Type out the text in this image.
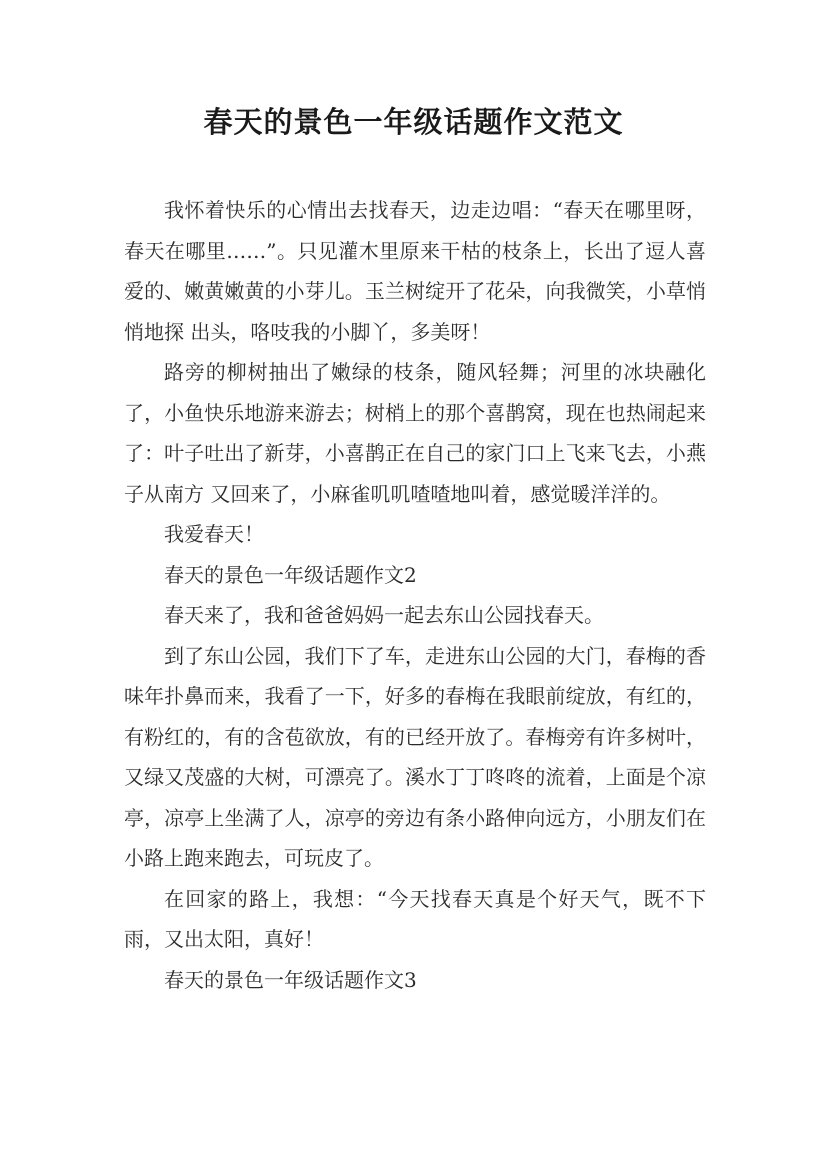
春天的景色一年级话题作文范文

我怀着快乐的心情出去找春天，边走边唱：“春天在哪里呀，春天在哪里……”。只见灌木里原来干枯的枝条上，长出了逗人喜爱的、嫩黄嫩黄的小芽儿。玉兰树绽开了花朵，向我微笑，小草悄悄地探 出头，咯吱我的小脚丫，多美呀！

路旁的柳树抽出了嫩绿的枝条，随风轻舞；河里的冰块融化了，小鱼快乐地游来游去；树梢上的那个喜鹊窝，现在也热闹起来了：叶子吐出了新芽，小喜鹊正在自己的家门口上飞来飞去，小燕子从南方 又回来了，小麻雀叽叽喳喳地叫着，感觉暖洋洋的。

我爱春天！

春天的景色一年级话题作文2

春天来了，我和爸爸妈妈一起去东山公园找春天。

到了东山公园，我们下了车，走进东山公园的大门，春梅的香味年扑鼻而来，我看了一下，好多的春梅在我眼前绽放，有红的，有粉红的，有的含苞欲放，有的已经开放了。春梅旁有许多树叶， 又绿又茂盛的大树，可漂亮了。溪水丁丁咚咚的流着，上面是个凉亭，凉亭上坐满了人，凉亭的旁边有条小路伸向远方，小朋友们在小路上跑来跑去，可玩皮了。

在回家的路上，我想：“今天找春天真是个好天气，既不下雨，又出太阳，真好！

春天的景色一年级话题作文3
